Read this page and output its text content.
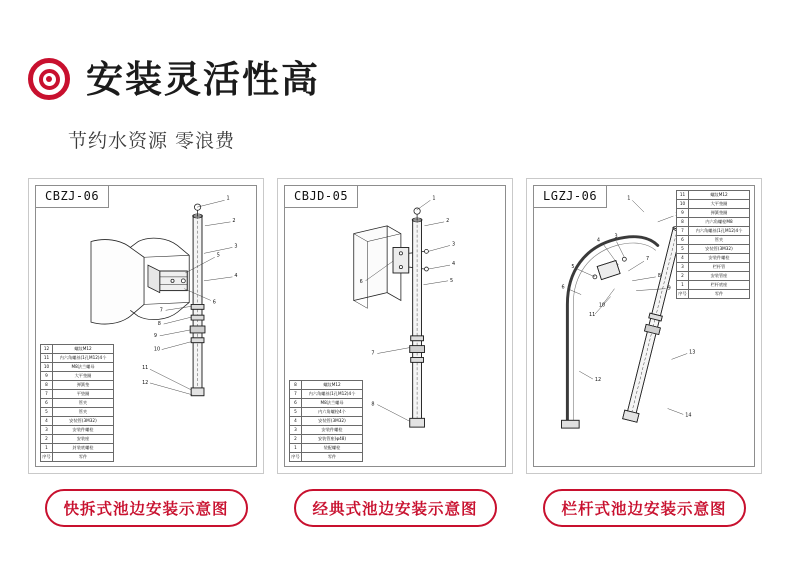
安装灵活性高
节约水资源 零浪费
CBZJ-06	1
2
3
4
5
6
7
8
9
10
11
12
12	螺纹M12
11	内六角螺丝(1孔M12)4个
10	M8法兰螺母
9	大平垫圈
8	弹簧垫
7	平垫圈
6	管夹
5	管夹
4	安装管(3M32)
3	安装件螺栓
2	安装座
1	封装底螺栓
序号	零件
CBJD-05	1
2
3
4
5
6
7
8
8	螺纹M12
7	内六角螺丝(1孔M12)4个
6	M8法兰螺母
5	内六角螺栓4个
4	安装管(3M32)
3	安装件螺栓
2	安装管座(φ48)
1	装配螺栓
序号	零件
LGZJ-06	1
3
4
5
6
7
8
9
10
11
12
13
14
11	螺纹M12
10	大平垫圈
9	弹簧垫圈
8	内六角螺栓M8
7	内六角螺丝(1孔M12)4个
6	管夹
5	安装管(3M32)
4	安装件螺栓
3	栏杆管
2	安装管座
1	栏杆底座
序号	零件
快拆式池边安装示意图	经典式池边安装示意图	栏杆式池边安装示意图
